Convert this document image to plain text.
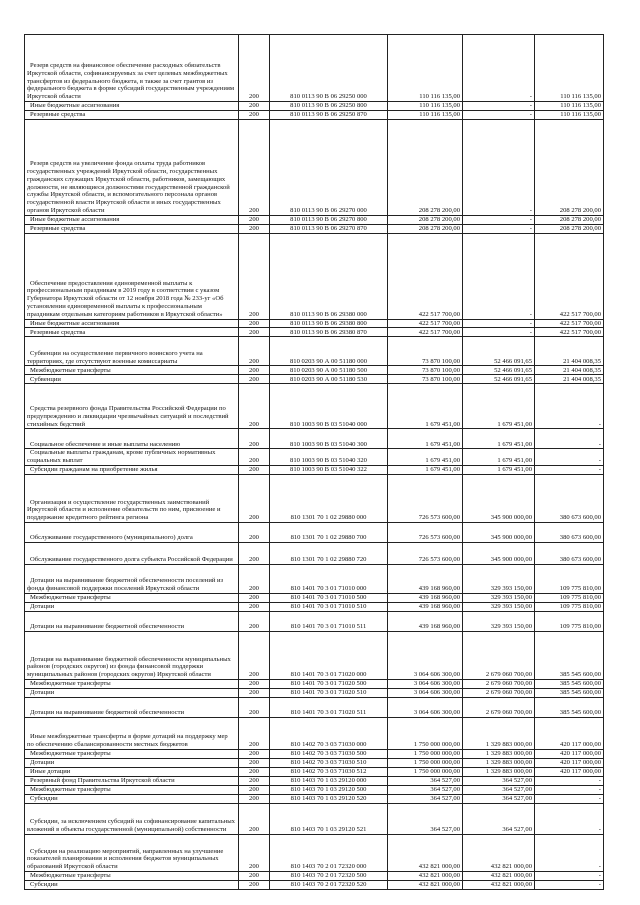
Резерв средств на финансовое обеспечение расходных обязательств Иркутской области, софинансируемых за счет целевых межбюджетных трансфертов из федерального бюджета, в также за счет грантов из федерального бюджета в форме субсидий государственным учреждениям Иркутской области	200	810 0113 90 В 06 29250 000	110 116 135,00	-	110 116 135,00
Иные бюджетные ассигнования	200	810 0113 90 В 06 29250 800	110 116 135,00	-	110 116 135,00
Резервные средства	200	810 0113 90 В 06 29250 870	110 116 135,00	-	110 116 135,00
Резерв средств на увеличение фонда оплаты труда работников государственных учреждений Иркутской области, государственных гражданских служащих Иркутской области, работников, замещающих должности, не являющиеся должностями государственной гражданской службы Иркутской области, и вспомогательного персонала органов государственной власти Иркутской области и иных государственных органов Иркутской области	200	810 0113 90 В 06 29270 000	208 278 200,00	-	208 278 200,00
Иные бюджетные ассигнования	200	810 0113 90 В 06 29270 800	208 278 200,00	-	208 278 200,00
Резервные средства	200	810 0113 90 В 06 29270 870	208 278 200,00	-	208 278 200,00
Обеспечение предоставления единовременной выплаты к профессиональным праздникам в 2019 году в соответствии с указом Губернатора Иркутской области от 12 ноября 2018 года № 233-уг «Об установлении единовременной выплаты к профессиональным праздникам отдельным категориям работников в Иркутской области»	200	810 0113 90 В 06 29380 000	422 517 700,00	-	422 517 700,00
Иные бюджетные ассигнования	200	810 0113 90 В 06 29380 800	422 517 700,00	-	422 517 700,00
Резервные средства	200	810 0113 90 В 06 29380 870	422 517 700,00	-	422 517 700,00
Субвенции на осуществление первичного воинского учета на территориях, где отсутствуют военные комиссариаты	200	810 0203 90 А 00 51180 000	73 870 100,00	52 466 091,65	21 404 008,35
Межбюджетные трансферты	200	810 0203 90 А 00 51180 500	73 870 100,00	52 466 091,65	21 404 008,35
Субвенции	200	810 0203 90 А 00 51180 530	73 870 100,00	52 466 091,65	21 404 008,35
Средства резервного фонда Правительства Российской Федерации по предупреждению и ликвидации чрезвычайных ситуаций и последствий стихийных бедствий	200	810 1003 90 В 03 51040 000	1 679 451,00	1 679 451,00	-
Социальное обеспечение и иные выплаты населению	200	810 1003 90 В 03 51040 300	1 679 451,00	1 679 451,00	-
Социальные выплаты гражданам, кроме публичных нормативных социальных выплат	200	810 1003 90 В 03 51040 320	1 679 451,00	1 679 451,00	-
Субсидии гражданам на приобретение жилья	200	810 1003 90 В 03 51040 322	1 679 451,00	1 679 451,00	-
Организация и осуществление государственных заимствований Иркутской области и исполнение обязательств по ним, присвоение и поддержание кредитного рейтинга региона	200	810 1301 70 1 02 29880 000	726 573 600,00	345 900 000,00	380 673 600,00
Обслуживание государственного (муниципального) долга	200	810 1301 70 1 02 29880 700	726 573 600,00	345 900 000,00	380 673 600,00
Обслуживание государственного долга субъекта Российской Федерации	200	810 1301 70 1 02 29880 720	726 573 600,00	345 900 000,00	380 673 600,00
Дотации на выравнивание бюджетной обеспеченности поселений из фонда финансовой поддержки поселений Иркутской области	200	810 1401 70 3 01 71010 000	439 168 960,00	329 393 150,00	109 775 810,00
Межбюджетные трансферты	200	810 1401 70 3 01 71010 500	439 168 960,00	329 393 150,00	109 775 810,00
Дотации	200	810 1401 70 3 01 71010 510	439 168 960,00	329 393 150,00	109 775 810,00
Дотации на выравнивание бюджетной обеспеченности	200	810 1401 70 3 01 71010 511	439 168 960,00	329 393 150,00	109 775 810,00
Дотация на выравнивание бюджетной обеспеченности муниципальных районов (городских округов) из фонда финансовой поддержки муниципальных районов (городских округов) Иркутской области	200	810 1401 70 3 01 71020 000	3 064 606 300,00	2 679 060 700,00	385 545 600,00
Межбюджетные трансферты	200	810 1401 70 3 01 71020 500	3 064 606 300,00	2 679 060 700,00	385 545 600,00
Дотации	200	810 1401 70 3 01 71020 510	3 064 606 300,00	2 679 060 700,00	385 545 600,00
Дотации на выравнивание бюджетной обеспеченности	200	810 1401 70 3 01 71020 511	3 064 606 300,00	2 679 060 700,00	385 545 600,00
Иные межбюджетные трансферты в форме дотаций на поддержку мер по обеспечению сбалансированности местных бюджетов	200	810 1402 70 3 03 71030 000	1 750 000 000,00	1 329 883 000,00	420 117 000,00
Межбюджетные трансферты	200	810 1402 70 3 03 71030 500	1 750 000 000,00	1 329 883 000,00	420 117 000,00
Дотации	200	810 1402 70 3 03 71030 510	1 750 000 000,00	1 329 883 000,00	420 117 000,00
Иные дотации	200	810 1402 70 3 03 71030 512	1 750 000 000,00	1 329 883 000,00	420 117 000,00
Резервный фонд Правительства Иркутской области	200	810 1403 70 1 03 29120 000	364 527,00	364 527,00	-
Межбюджетные трансферты	200	810 1403 70 1 03 29120 500	364 527,00	364 527,00	-
Субсидии	200	810 1403 70 1 03 29120 520	364 527,00	364 527,00	-
Субсидии, за исключением субсидий на софинансирование капитальных вложений в объекты государственной (муниципальной) собственности	200	810 1403 70 1 03 29120 521	364 527,00	364 527,00	-
Субсидия на реализацию мероприятий, направленных на улучшение показателей планирования и исполнения бюджетов муниципальных образований Иркутской области	200	810 1403 70 2 01 72320 000	432 821 000,00	432 821 000,00	-
Межбюджетные трансферты	200	810 1403 70 2 01 72320 500	432 821 000,00	432 821 000,00	-
Субсидии	200	810 1403 70 2 01 72320 520	432 821 000,00	432 821 000,00	-
